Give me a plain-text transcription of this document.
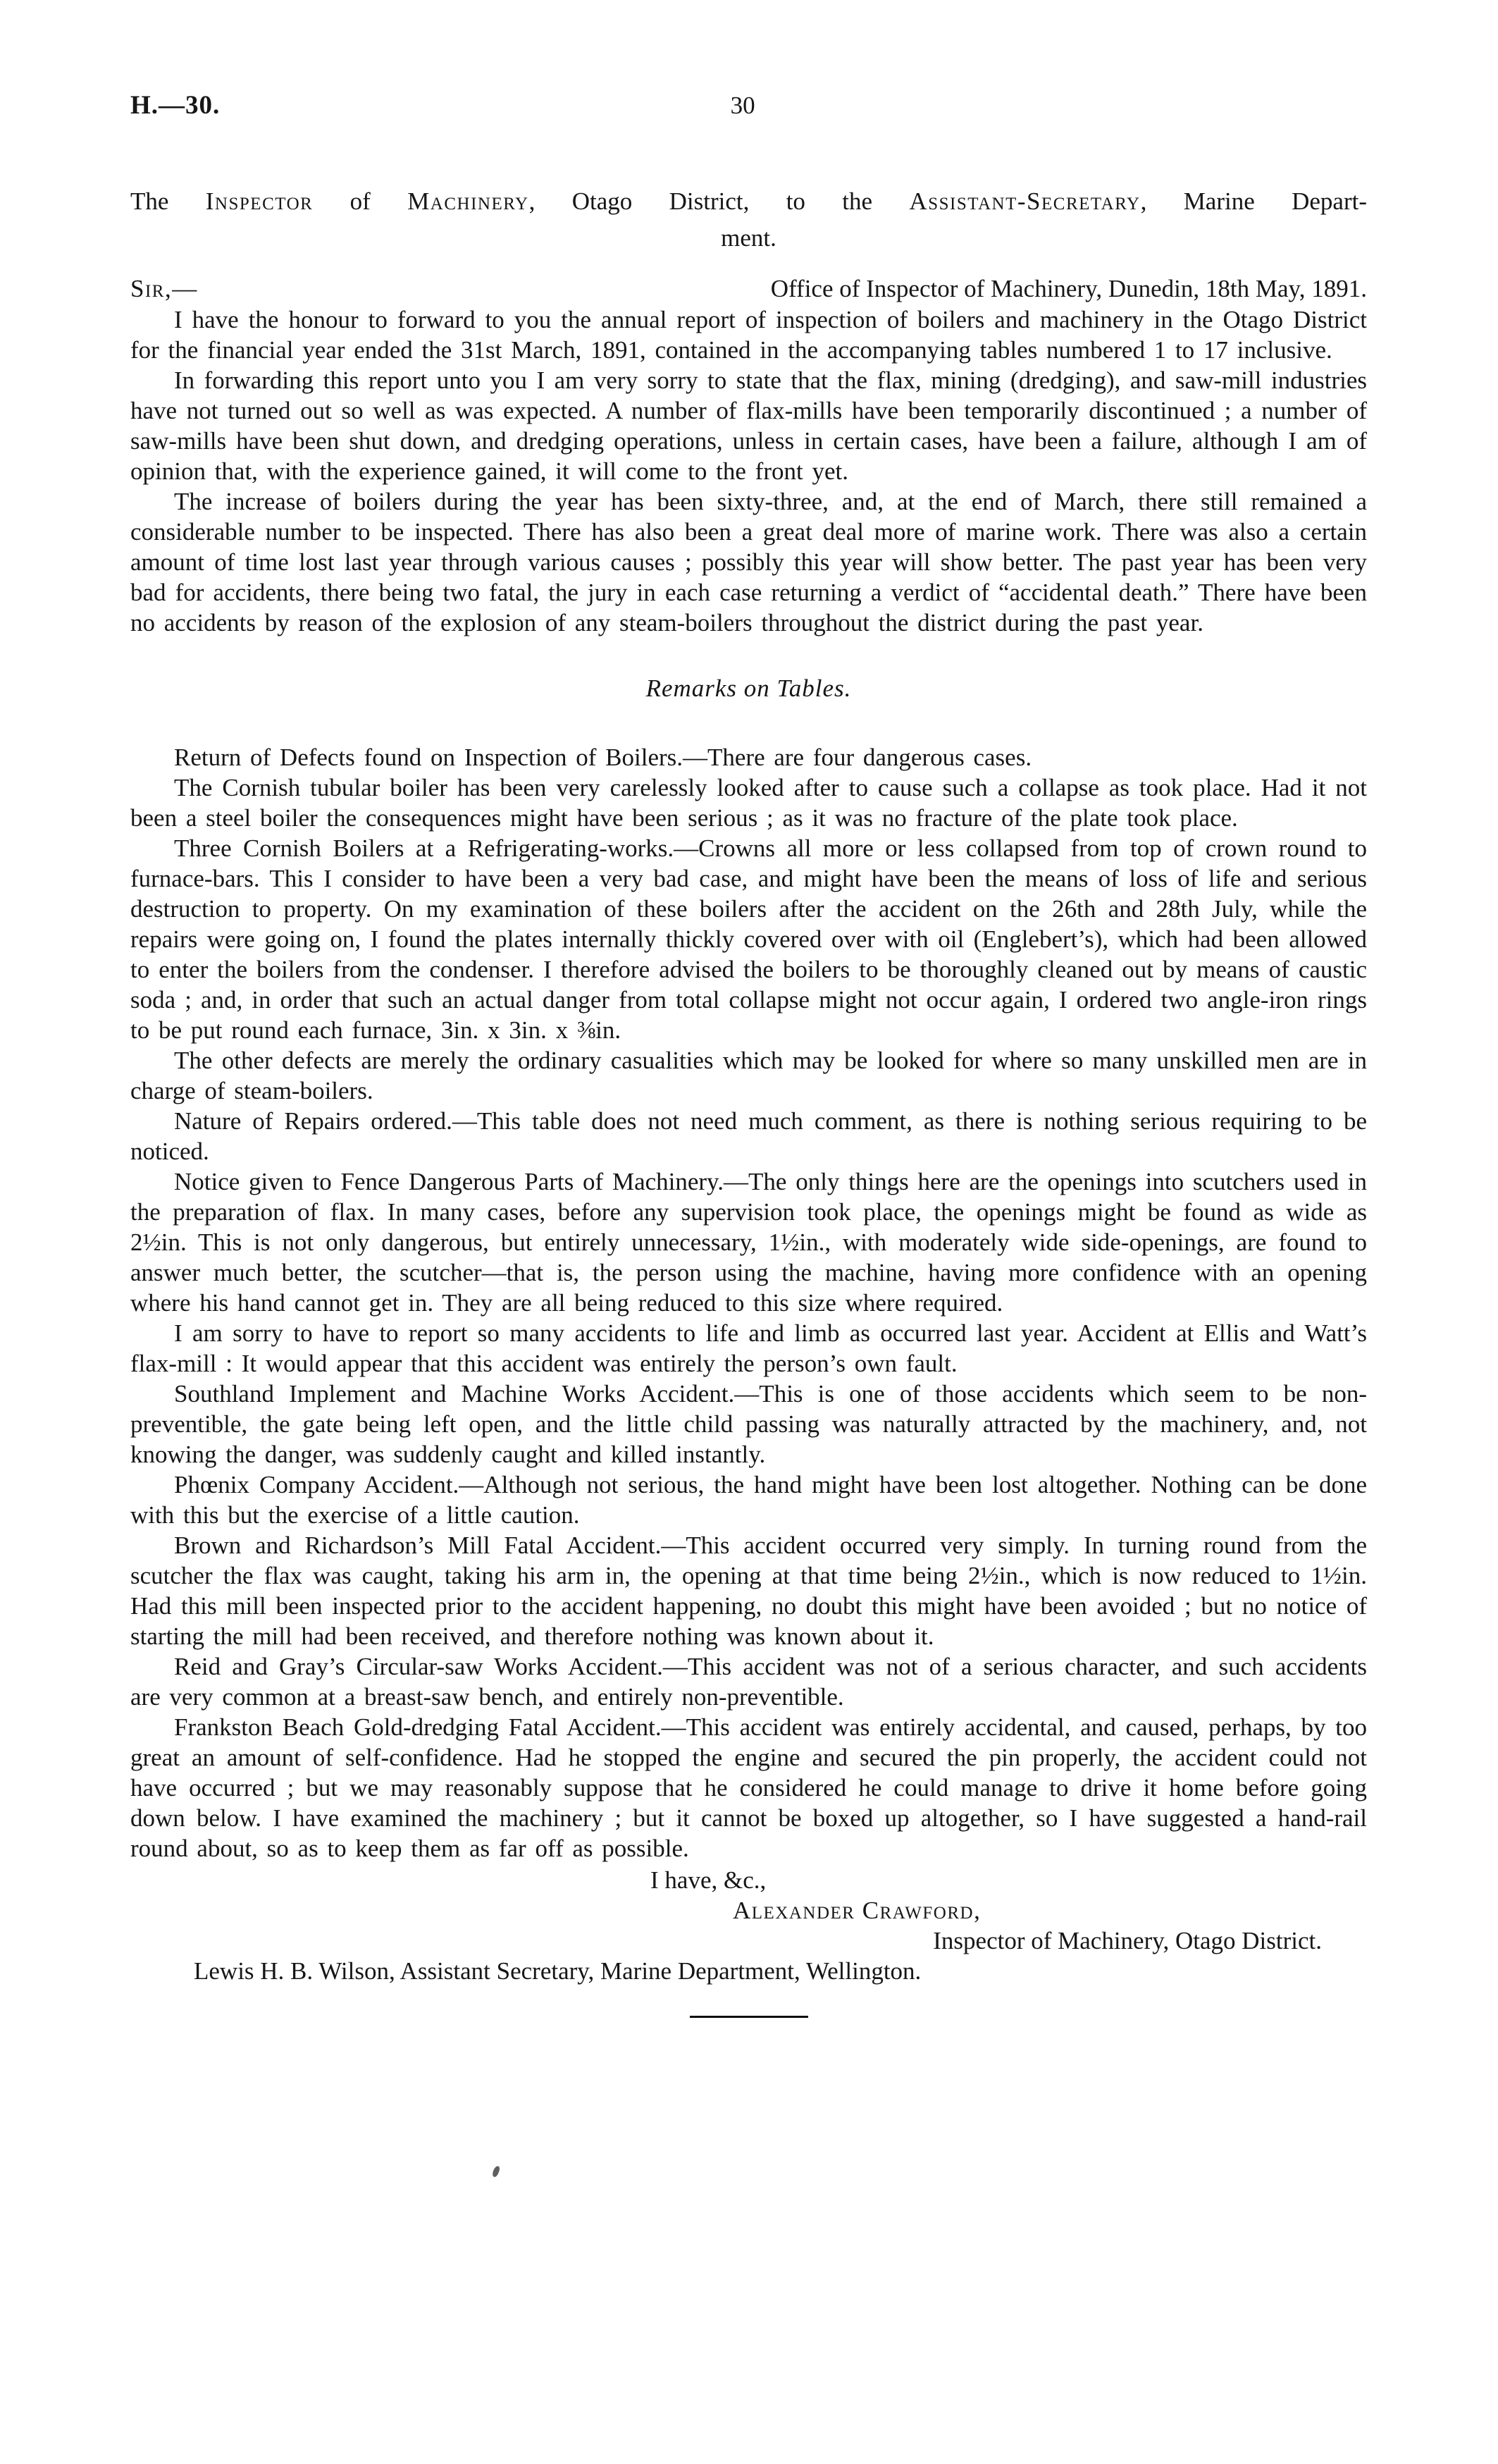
H.—30.	30
The Inspector of Machinery, Otago District, to the Assistant-Secretary, Marine Depart-
ment.
Sir,—	Office of Inspector of Machinery, Dunedin, 18th May, 1891.

I have the honour to forward to you the annual report of inspection of boilers and machinery in the Otago District for the financial year ended the 31st March, 1891, contained in the accompanying tables numbered 1 to 17 inclusive.

In forwarding this report unto you I am very sorry to state that the flax, mining (dredging), and saw-mill industries have not turned out so well as was expected. A number of flax-mills have been temporarily discontinued ; a number of saw-mills have been shut down, and dredging operations, unless in certain cases, have been a failure, although I am of opinion that, with the experience gained, it will come to the front yet.

The increase of boilers during the year has been sixty-three, and, at the end of March, there still remained a considerable number to be inspected. There has also been a great deal more of marine work. There was also a certain amount of time lost last year through various causes ; possibly this year will show better. The past year has been very bad for accidents, there being two fatal, the jury in each case returning a verdict of “accidental death.” There have been no accidents by reason of the explosion of any steam-boilers throughout the district during the past year.

Remarks on Tables.

Return of Defects found on Inspection of Boilers.—There are four dangerous cases.

The Cornish tubular boiler has been very carelessly looked after to cause such a collapse as took place. Had it not been a steel boiler the consequences might have been serious ; as it was no fracture of the plate took place.

Three Cornish Boilers at a Refrigerating-works.—Crowns all more or less collapsed from top of crown round to furnace-bars. This I consider to have been a very bad case, and might have been the means of loss of life and serious destruction to property. On my examination of these boilers after the accident on the 26th and 28th July, while the repairs were going on, I found the plates internally thickly covered over with oil (Englebert’s), which had been allowed to enter the boilers from the condenser. I therefore advised the boilers to be thoroughly cleaned out by means of caustic soda ; and, in order that such an actual danger from total collapse might not occur again, I ordered two angle-iron rings to be put round each furnace, 3in. x 3in. x ⅜in.

The other defects are merely the ordinary casualities which may be looked for where so many unskilled men are in charge of steam-boilers.

Nature of Repairs ordered.—This table does not need much comment, as there is nothing serious requiring to be noticed.

Notice given to Fence Dangerous Parts of Machinery.—The only things here are the openings into scutchers used in the preparation of flax. In many cases, before any supervision took place, the openings might be found as wide as 2½in. This is not only dangerous, but entirely unnecessary, 1½in., with moderately wide side-openings, are found to answer much better, the scutcher—that is, the person using the machine, having more confidence with an opening where his hand cannot get in. They are all being reduced to this size where required.

I am sorry to have to report so many accidents to life and limb as occurred last year. Accident at Ellis and Watt’s flax-mill : It would appear that this accident was entirely the person’s own fault.

Southland Implement and Machine Works Accident.—This is one of those accidents which seem to be non-preventible, the gate being left open, and the little child passing was naturally attracted by the machinery, and, not knowing the danger, was suddenly caught and killed instantly.

Phœnix Company Accident.—Although not serious, the hand might have been lost altogether. Nothing can be done with this but the exercise of a little caution.

Brown and Richardson’s Mill Fatal Accident.—This accident occurred very simply. In turning round from the scutcher the flax was caught, taking his arm in, the opening at that time being 2½in., which is now reduced to 1½in. Had this mill been inspected prior to the accident happening, no doubt this might have been avoided ; but no notice of starting the mill had been received, and therefore nothing was known about it.

Reid and Gray’s Circular-saw Works Accident.—This accident was not of a serious character, and such accidents are very common at a breast-saw bench, and entirely non-preventible.

Frankston Beach Gold-dredging Fatal Accident.—This accident was entirely accidental, and caused, perhaps, by too great an amount of self-confidence. Had he stopped the engine and secured the pin properly, the accident could not have occurred ; but we may reasonably suppose that he considered he could manage to drive it home before going down below. I have examined the machinery ; but it cannot be boxed up altogether, so I have suggested a hand-rail round about, so as to keep them as far off as possible.

I have, &c.,
Alexander Crawford,
Inspector of Machinery, Otago District.
Lewis H. B. Wilson, Assistant Secretary, Marine Department, Wellington.
